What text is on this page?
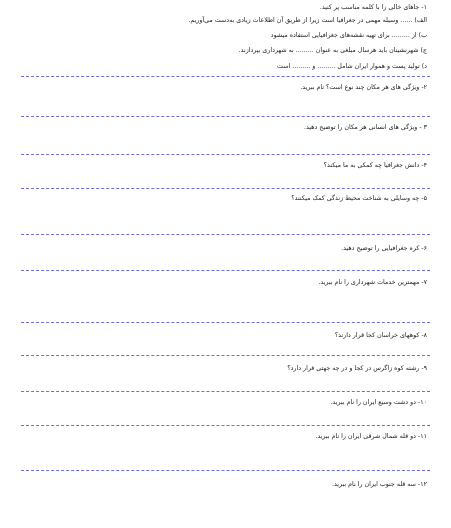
۱- جاهای خالی را با کلمه مناسب پر کنید.
الف) ...... وسیله مهمی در جغرافیا است زیرا از طریق آن اطلاعات زیادی به‌دست می‌آوریم.
ب) از ......... برای تهیه نقشه‌های جغرافیایی استفاده میشود
ج) شهرنشینان باید هرسال مبلغی به عنوان ......... به شهرداری بپردازند.
د) تولید پست و هموار ایران شامل ......... و ......... است
۲- ویژگی های هر مکان چند نوع است؟ نام ببرید.
۳ - ویژگی های انسانی هر مکان را توضیح دهید.
۴- دانش جغرافیا چه کمکی به ما میکند؟
۵- چه وسایلی به شناخت محیط زندگی کمک میکنند؟
۶- کره جغرافیایی را توضیح دهید.
۷- مهمترین خدمات شهرداری را نام ببرید.
۸- کوههای خراسان کجا قرار دارند؟
۹- رشته کوه زاگرس در کجا و در چه جهتی قرار دارد؟
۱۰- دو دشت وسیع ایران را نام ببرید.
۱۱- دو قله شمال شرقی ایران را نام ببرید.
۱۲- سه قله جنوب ایران را نام ببرید.
